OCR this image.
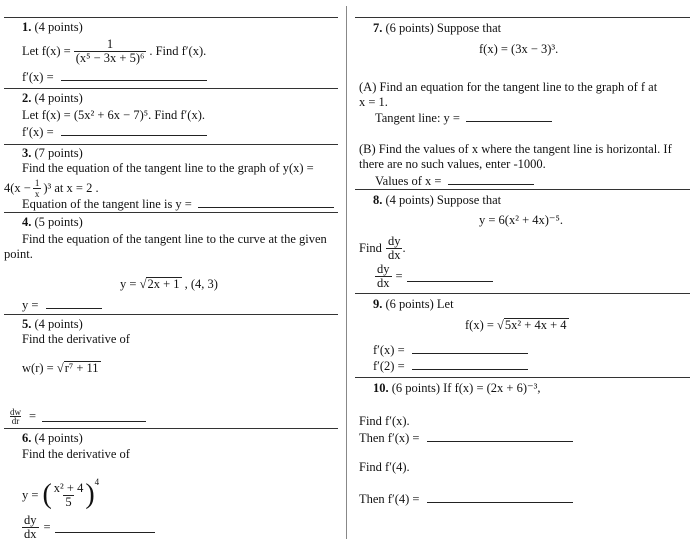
1. (4 points)
Let $f(x) = \frac{1}{\text{(x⁵ − 3x + 5)⁶}}$ . Find f′(x).
f′(x) =
2. (4 points)
Let f(x) = (5x² + 6x − 7)⁵. Find f′(x).
f′(x) =
3. (7 points)
Find the equation of the tangent line to the graph of y(x) =
$4(x - \frac{1}{x} )^3$ at x = 2 .
Equation of the tangent line is y =
4. (5 points)
Find the equation of the tangent line to the curve at the given
point.
y = √2x + 1 , (4, 3)
y =
5. (4 points)
Find the derivative of
w(r) = √r⁷ + 11
$\frac{dw}{dr}$ =
6. (4 points)
Find the derivative of
y = ( $\frac{\text{x² + 4}}{5}$ ) 4
$\frac{dy}{dx}$ =
7. (6 points) Suppose that
f(x) = (3x − 3)³.
(A) Find an equation for the tangent line to the graph of f at
x = 1.
Tangent line: y =
(B) Find the values of x where the tangent line is horizontal. If
there are no such values, enter -1000.
Values of x =
8. (4 points) Suppose that
y = 6(x² + 4x)⁻⁵.
Find $\frac{dy}{dx}$ .
$\frac{dy}{dx}$ =
9. (6 points) Let
f(x) = √5x² + 4x + 4
f′(x) =
f′(2) =
10. (6 points) If f(x) = (2x + 6)⁻³,
Find f′(x).
Then f′(x) =
Find f′(4).
Then f′(4) =
